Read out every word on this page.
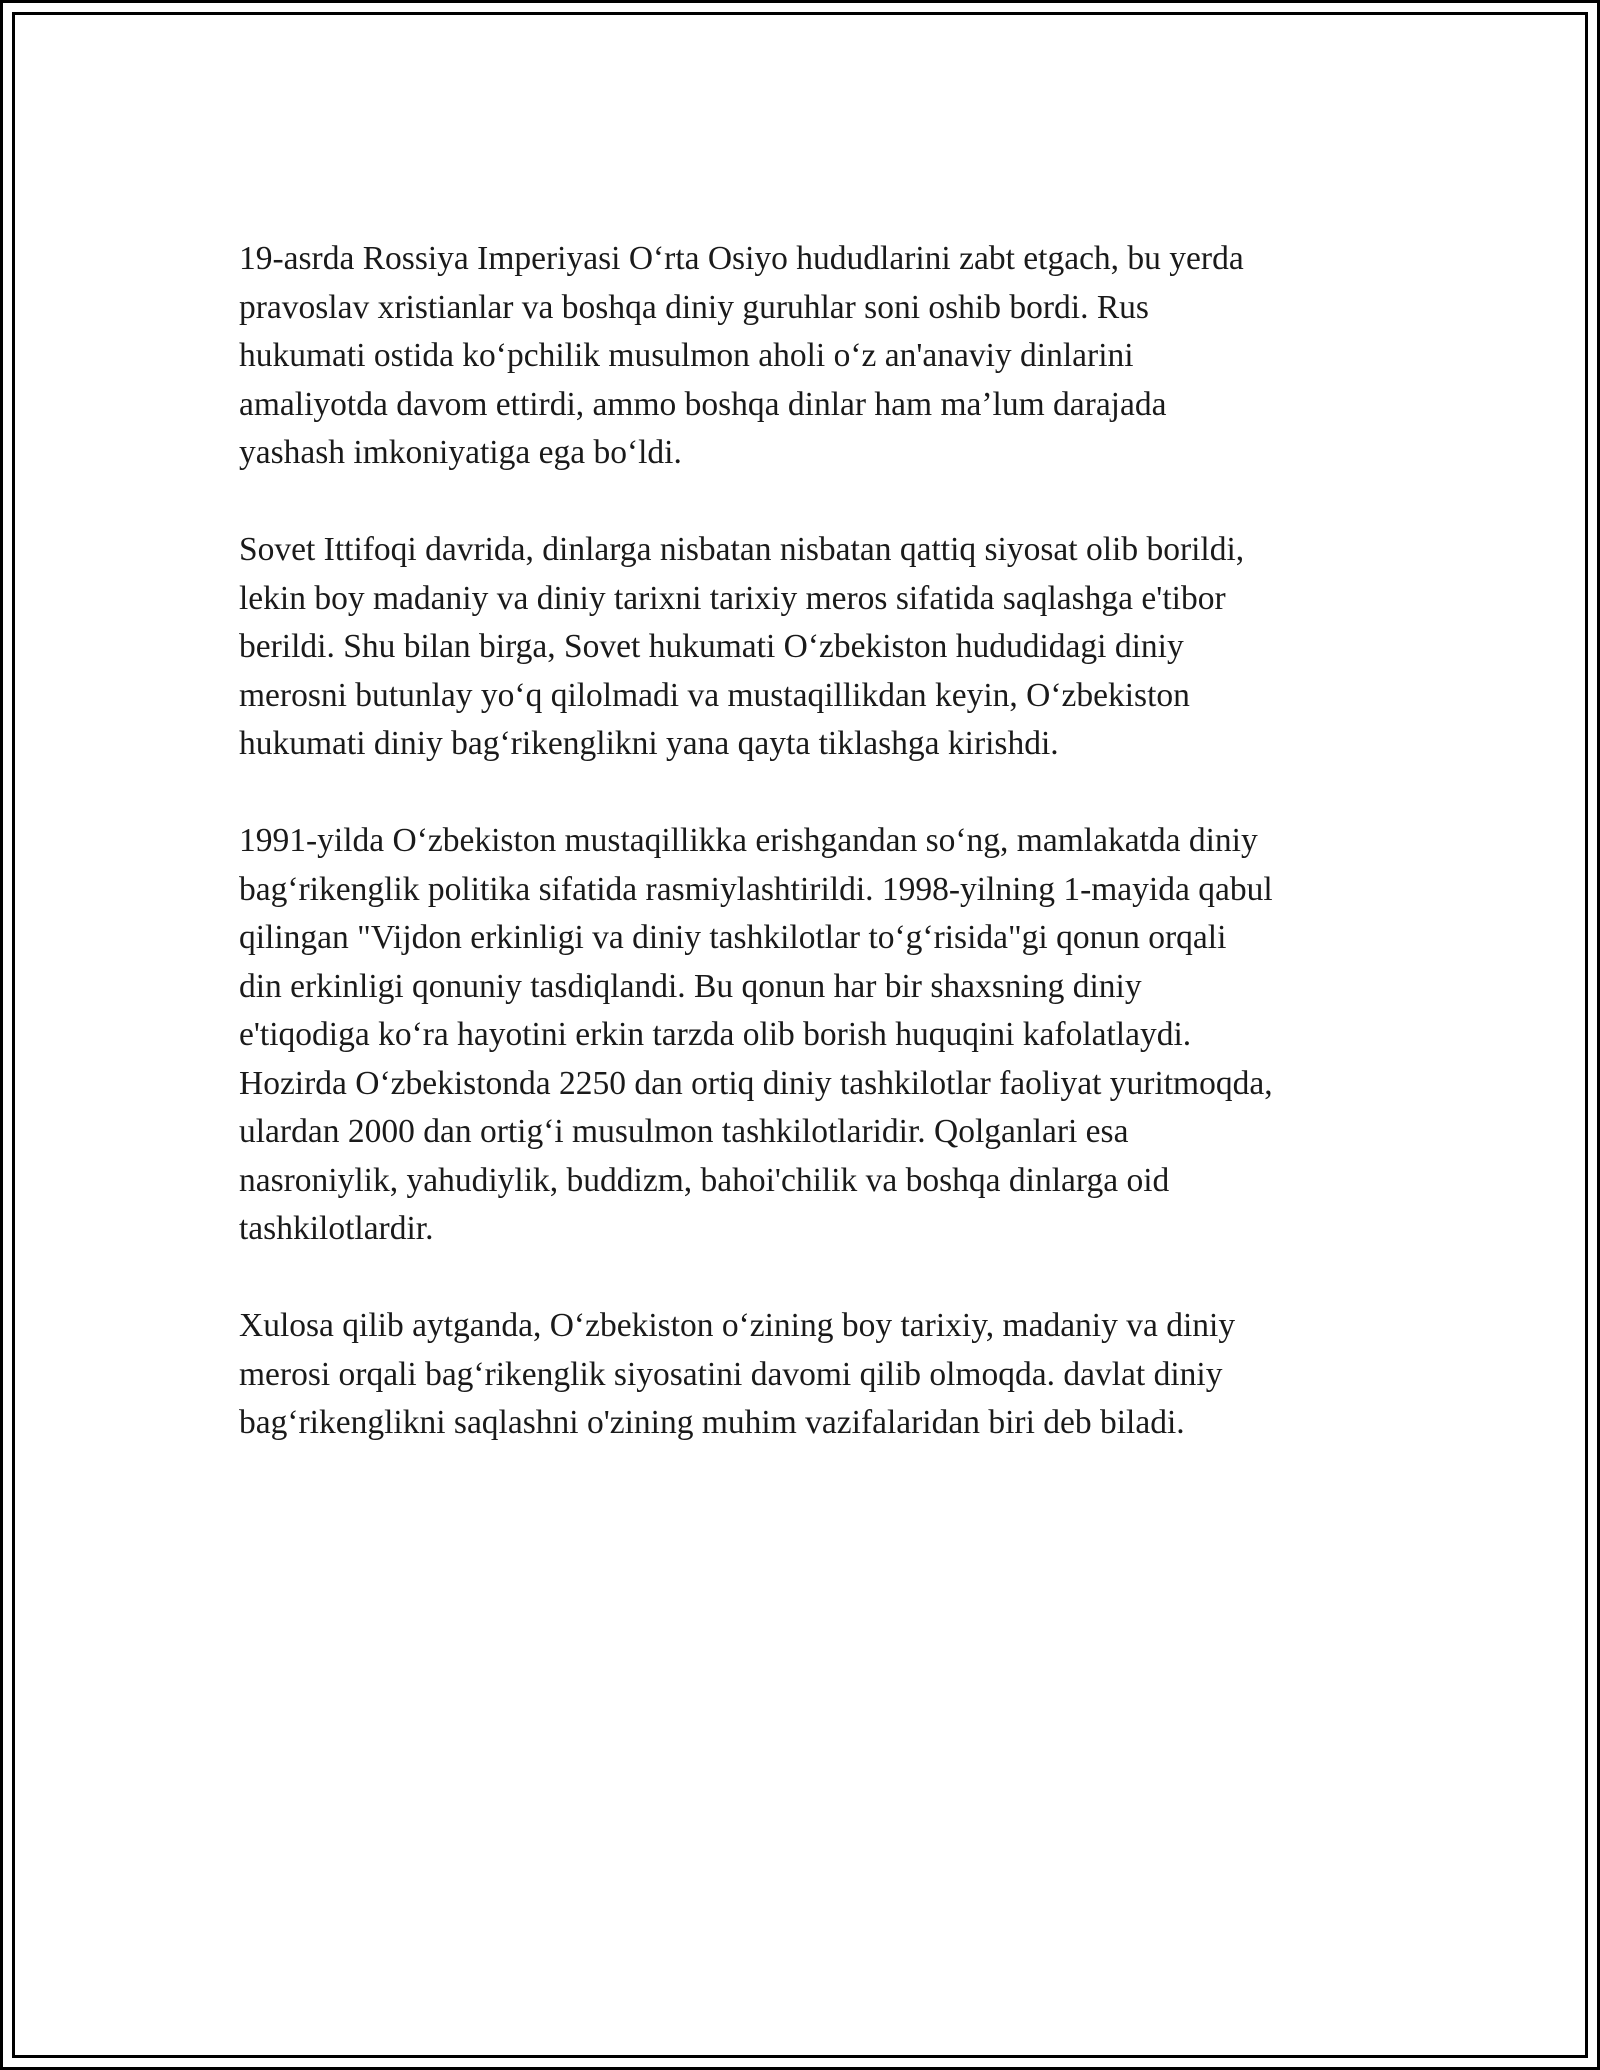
19-asrda Rossiya Imperiyasi O‘rta Osiyo hududlarini zabt etgach, bu yerda
pravoslav xristianlar va boshqa diniy guruhlar soni oshib bordi. Rus
hukumati ostida ko‘pchilik musulmon aholi o‘z an'anaviy dinlarini
amaliyotda davom ettirdi, ammo boshqa dinlar ham ma’lum darajada
yashash imkoniyatiga ega bo‘ldi.

Sovet Ittifoqi davrida, dinlarga nisbatan nisbatan qattiq siyosat olib borildi,
lekin boy madaniy va diniy tarixni tarixiy meros sifatida saqlashga e'tibor
berildi. Shu bilan birga, Sovet hukumati O‘zbekiston hududidagi diniy
merosni butunlay yo‘q qilolmadi va mustaqillikdan keyin, O‘zbekiston
hukumati diniy bag‘rikenglikni yana qayta tiklashga kirishdi.

1991-yilda O‘zbekiston mustaqillikka erishgandan so‘ng, mamlakatda diniy
bag‘rikenglik politika sifatida rasmiylashtirildi. 1998-yilning 1-mayida qabul
qilingan "Vijdon erkinligi va diniy tashkilotlar to‘g‘risida"gi qonun orqali
din erkinligi qonuniy tasdiqlandi. Bu qonun har bir shaxsning diniy
e'tiqodiga ko‘ra hayotini erkin tarzda olib borish huquqini kafolatlaydi.
Hozirda O‘zbekistonda 2250 dan ortiq diniy tashkilotlar faoliyat yuritmoqda,
ulardan 2000 dan ortig‘i musulmon tashkilotlaridir. Qolganlari esa
nasroniylik, yahudiylik, buddizm, bahoi'chilik va boshqa dinlarga oid
tashkilotlardir.

Xulosa qilib aytganda, O‘zbekiston o‘zining boy tarixiy, madaniy va diniy
merosi orqali bag‘rikenglik siyosatini davomi qilib olmoqda. davlat diniy
bag‘rikenglikni saqlashni o'zining muhim vazifalaridan biri deb biladi.
